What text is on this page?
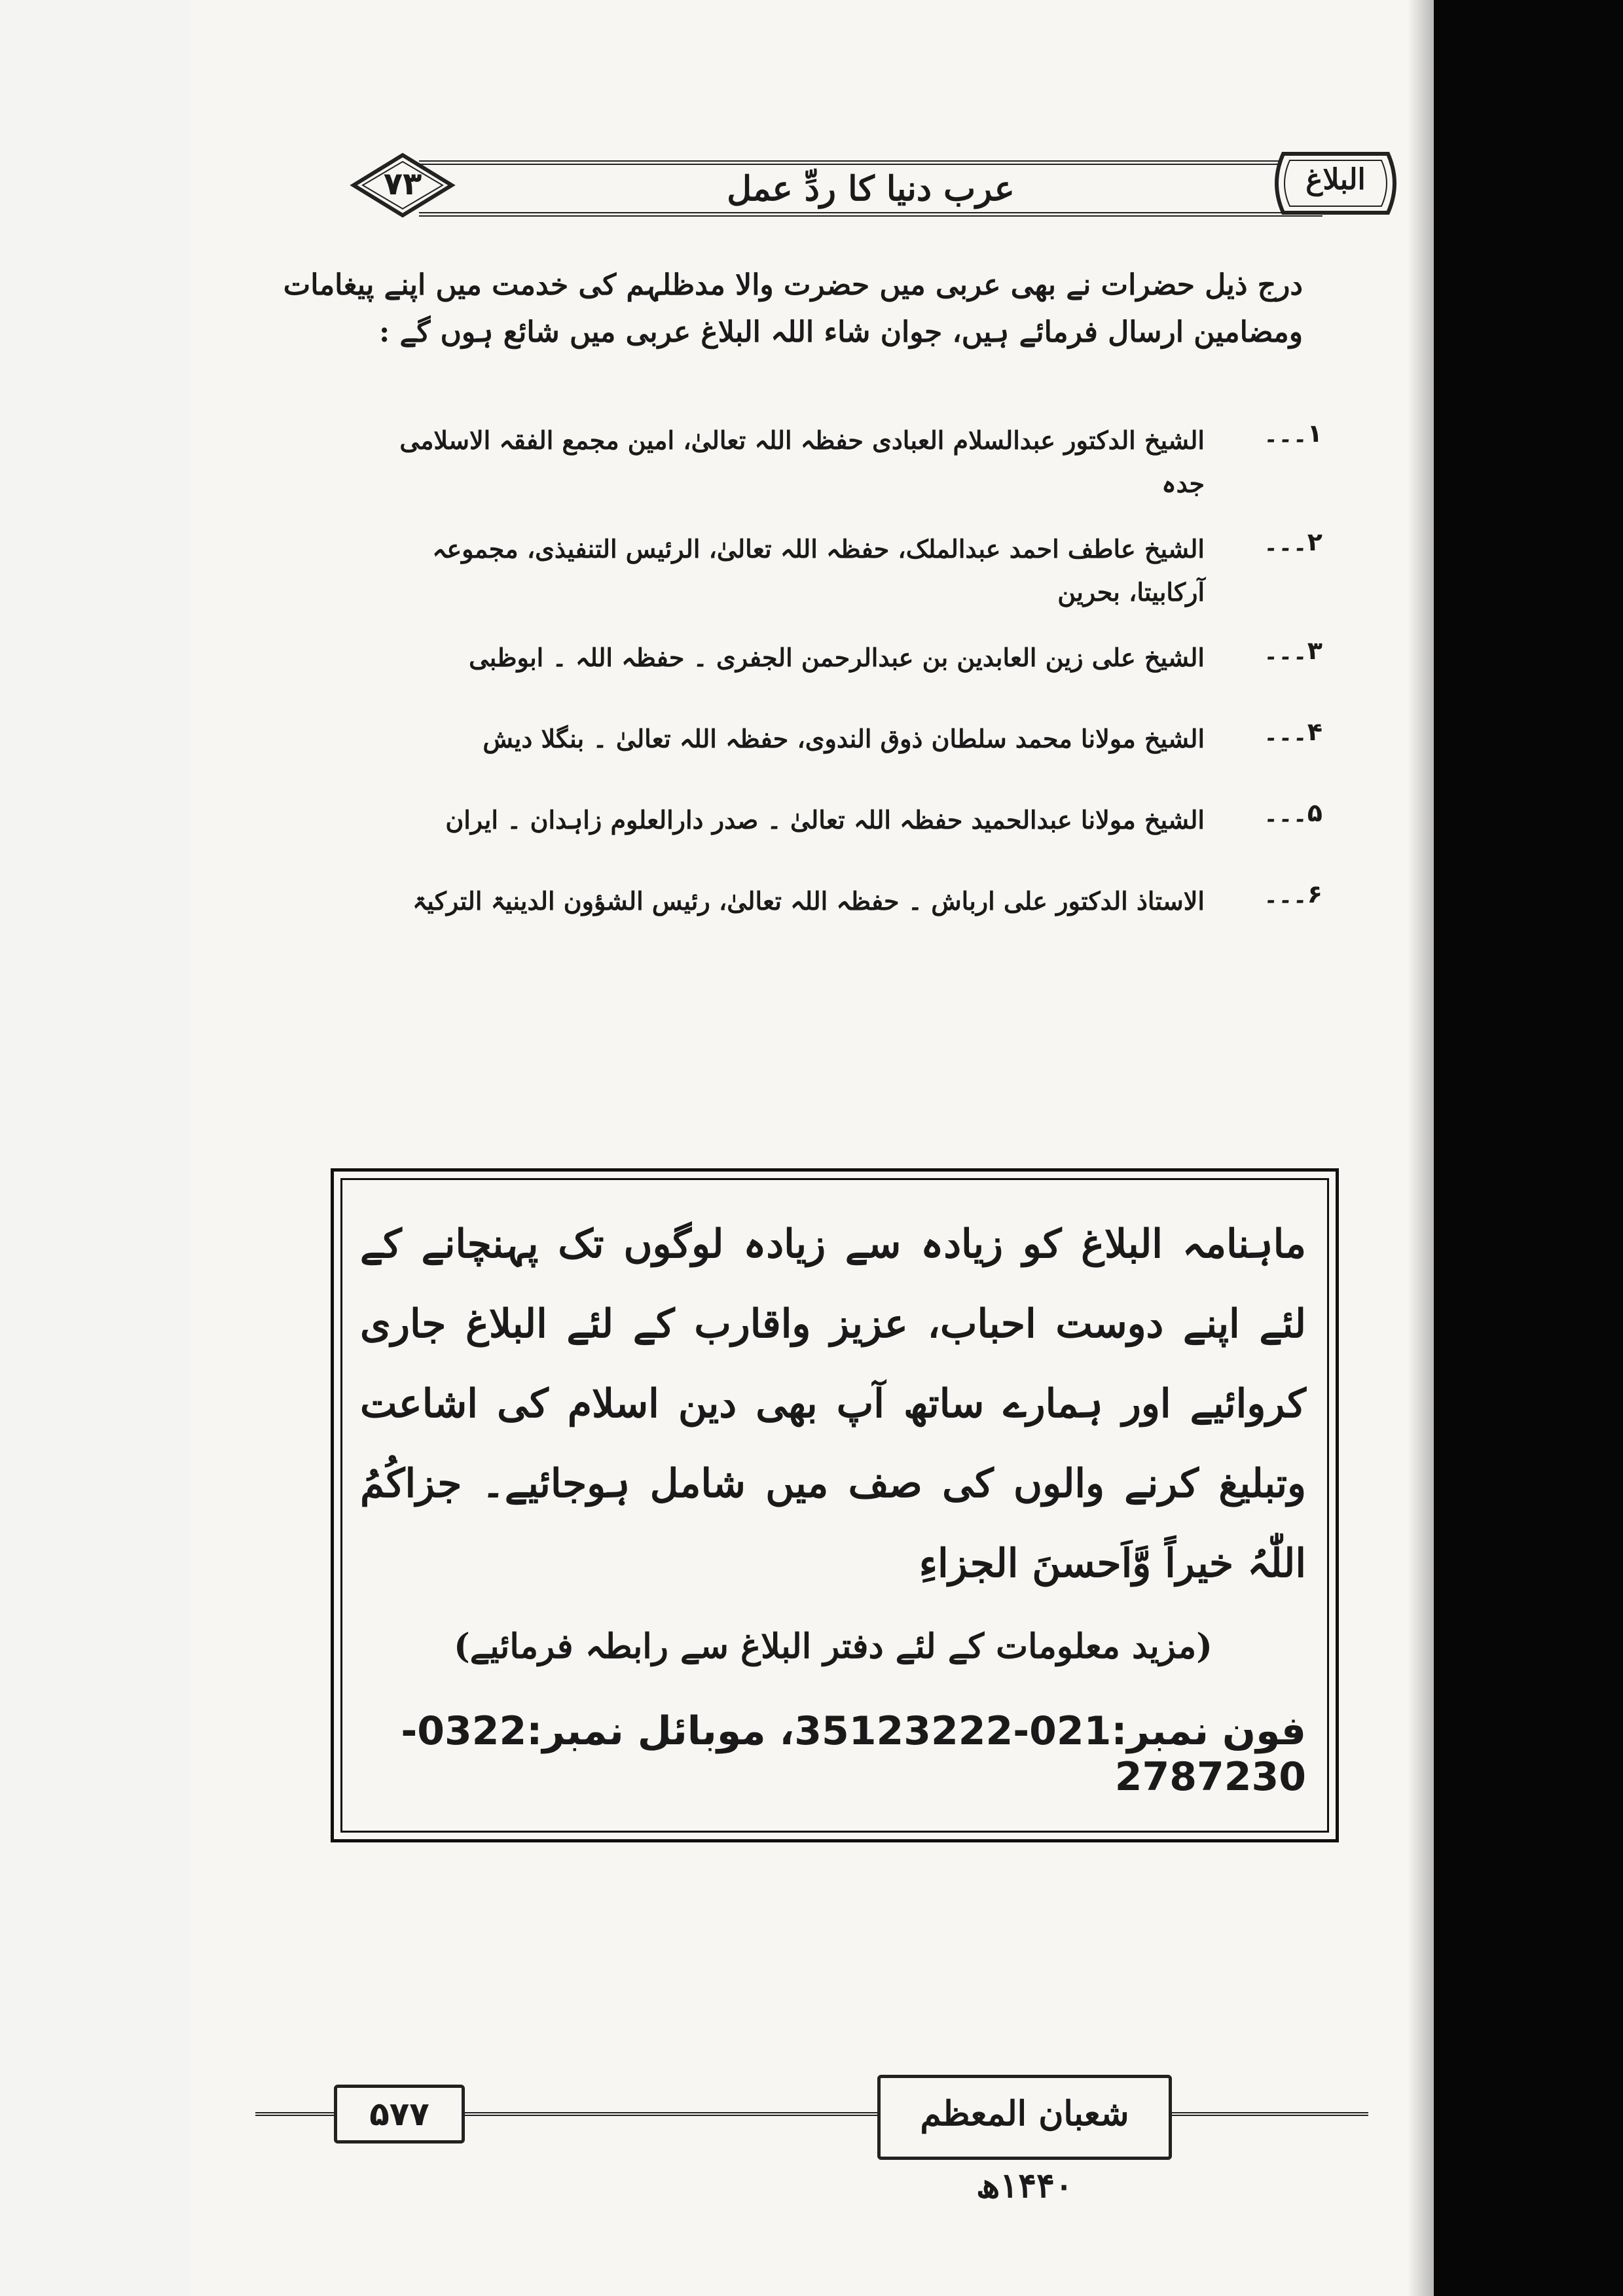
عرب دنیا کا ردِّ عمل
۷۳	البلاغ
درج ذیل حضرات نے بھی عربی میں حضرت والا مدظلہم کی خدمت میں اپنے پیغامات ومضامین ارسال فرمائے ہیں، جوان شاء اللہ البلاغ عربی میں شائع ہوں گے :
۱۔۔۔
الشیخ الدکتور عبدالسلام العبادی حفظہ اللہ تعالیٰ، امین مجمع الفقہ الاسلامی جدہ
۲۔۔۔
الشیخ عاطف احمد عبدالملک، حفظہ اللہ تعالیٰ، الرئیس التنفیذی، مجموعہ آرکابیتا، بحرین
۳۔۔۔
الشیخ علی زین العابدین بن عبدالرحمن الجفری ۔ حفظہ اللہ ۔ ابوظبی
۴۔۔۔
الشیخ مولانا محمد سلطان ذوق الندوی، حفظہ اللہ تعالیٰ ۔ بنگلا دیش
۵۔۔۔
الشیخ مولانا عبدالحمید حفظہ اللہ تعالیٰ ۔ صدر دارالعلوم زاہدان ۔ ایران
۶۔۔۔
الاستاذ الدکتور علی ارباش ۔ حفظہ اللہ تعالیٰ، رئیس الشؤون الدینیۃ الترکیۃ
ماہنامہ البلاغ کو زیادہ سے زیادہ لوگوں تک پہنچانے کے لئے اپنے دوست احباب، عزیز واقارب کے لئے البلاغ جاری کروائیے اور ہمارے ساتھ آپ بھی دین اسلام کی اشاعت وتبلیغ کرنے والوں کی صف میں شامل ہوجائیے۔ جزاکُمُ اللّٰہُ خیراً وَّاَحسنَ الجزاءِ
(مزید معلومات کے لئے دفتر البلاغ سے رابطہ فرمائیے)
فون نمبر:021-35123222، موبائل نمبر:0322-2787230
۵۷۷	شعبان المعظم ۱۴۴۰ھ
